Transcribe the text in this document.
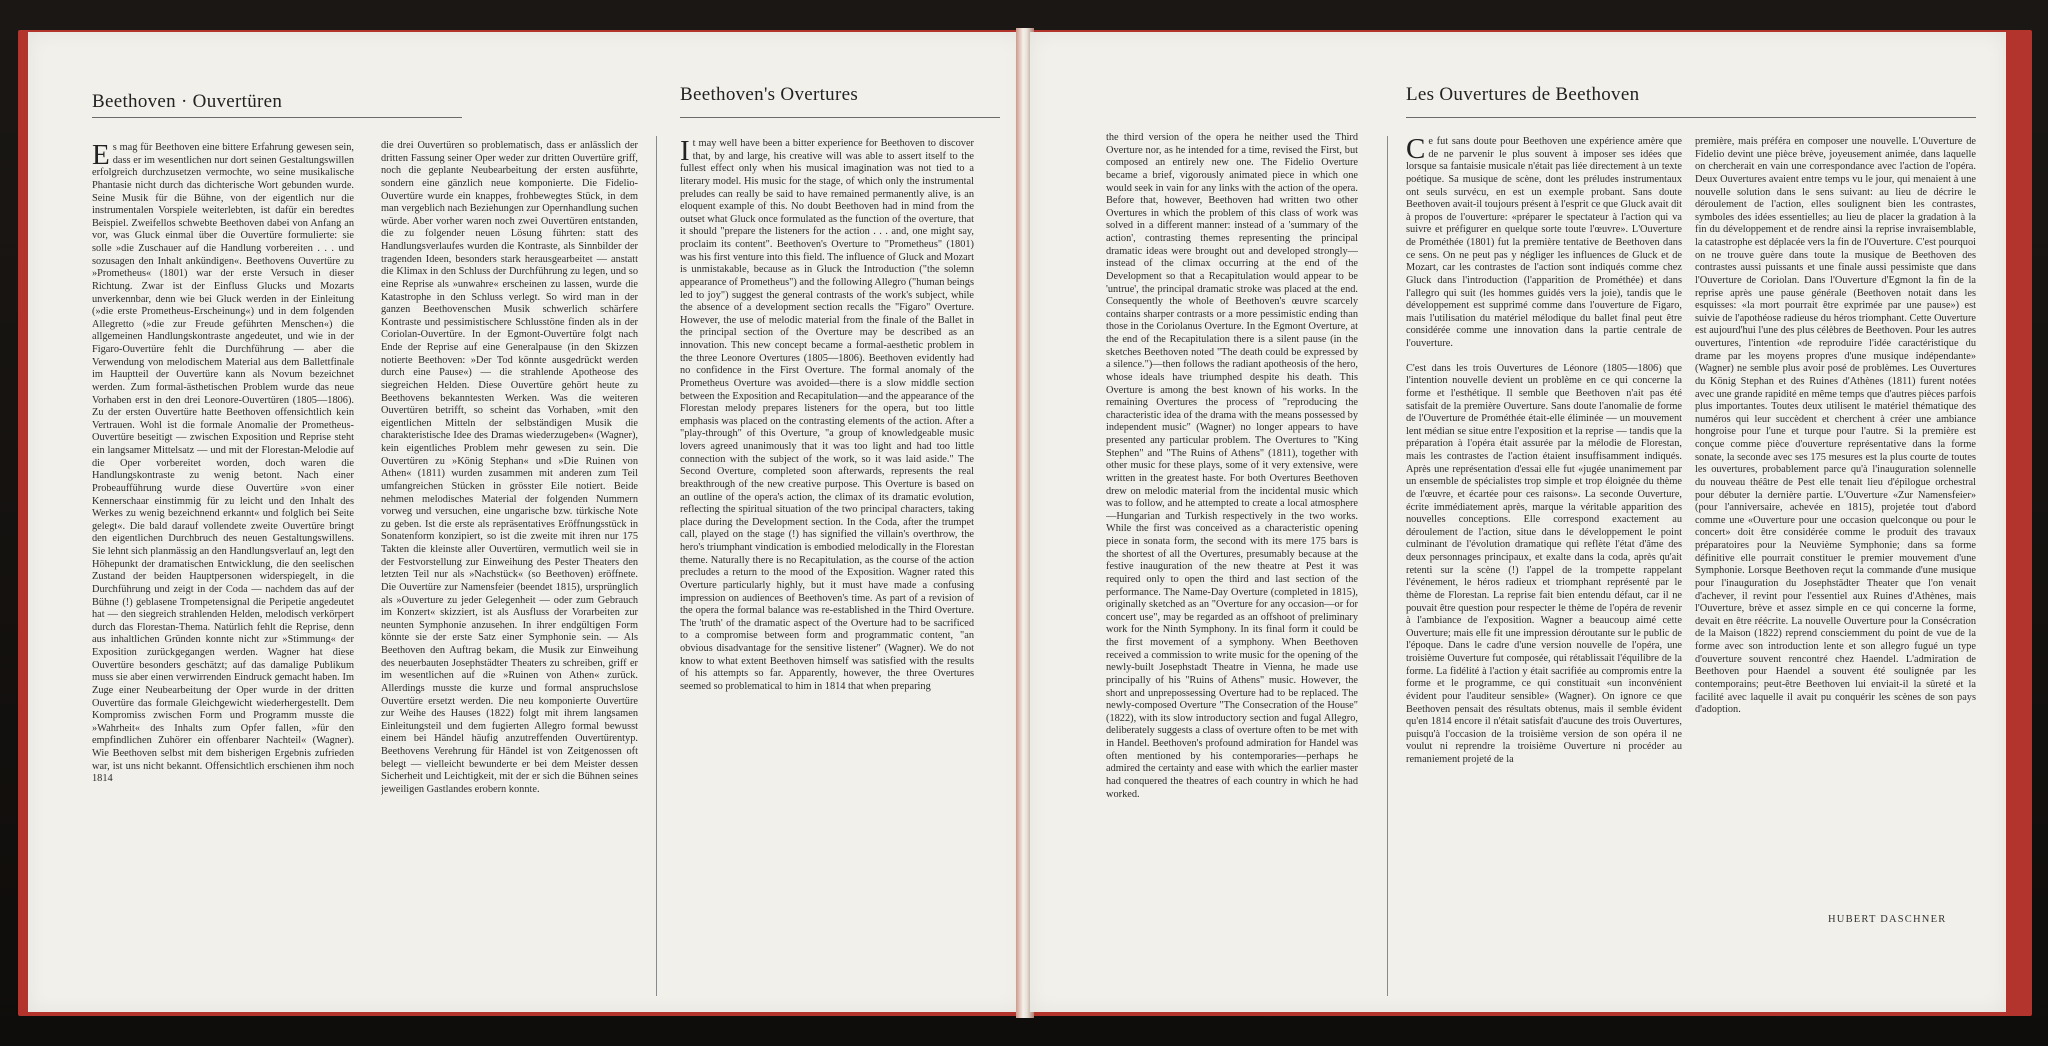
Beethoven · Ouvertüren	Beethoven's Overtures

Es mag für Beethoven eine bittere Erfahrung gewesen sein, dass er im wesentlichen nur dort seinen Gestaltungswillen erfolgreich durchzusetzen vermochte, wo seine musikalische Phantasie nicht durch das dichterische Wort gebunden wurde. Seine Musik für die Bühne, von der eigentlich nur die instrumentalen Vorspiele weiterlebten, ist dafür ein beredtes Beispiel. Zweifellos schwebte Beethoven dabei von Anfang an vor, was Gluck einmal über die Ouvertüre formulierte: sie solle »die Zuschauer auf die Handlung vorbereiten . . . und sozusagen den Inhalt ankündigen«. Beethovens Ouvertüre zu »Prometheus« (1801) war der erste Versuch in dieser Richtung. Zwar ist der Einfluss Glucks und Mozarts unverkennbar, denn wie bei Gluck werden in der Einleitung (»die erste Prometheus-Erscheinung«) und in dem folgenden Allegretto (»die zur Freude geführten Menschen«) die allgemeinen Handlungskontraste angedeutet, und wie in der Figaro-Ouvertüre fehlt die Durchführung — aber die Verwendung von melodischem Material aus dem Ballettfinale im Hauptteil der Ouvertüre kann als Novum bezeichnet werden. Zum formal-ästhetischen Problem wurde das neue Vorhaben erst in den drei Leonore-Ouvertüren (1805—1806). Zu der ersten Ouvertüre hatte Beethoven offensichtlich kein Vertrauen. Wohl ist die formale Anomalie der Prometheus-Ouvertüre beseitigt — zwischen Exposition und Reprise steht ein langsamer Mittelsatz — und mit der Florestan-Melodie auf die Oper vorbereitet worden, doch waren die Handlungskontraste zu wenig betont. Nach einer Probeaufführung wurde diese Ouvertüre »von einer Kennerschaar einstimmig für zu leicht und den Inhalt des Werkes zu wenig bezeichnend erkannt« und folglich bei Seite gelegt«. Die bald darauf vollendete zweite Ouvertüre bringt den eigentlichen Durchbruch des neuen Gestaltungswillens. Sie lehnt sich planmässig an den Handlungsverlauf an, legt den Höhepunkt der dramatischen Entwicklung, die den seelischen Zustand der beiden Hauptpersonen widerspiegelt, in die Durchführung und zeigt in der Coda — nachdem das auf der Bühne (!) geblasene Trompetensignal die Peripetie angedeutet hat — den siegreich strahlenden Helden, melodisch verkörpert durch das Florestan-Thema. Natürlich fehlt die Reprise, denn aus inhaltlichen Gründen konnte nicht zur »Stimmung« der Exposition zurückgegangen werden. Wagner hat diese Ouvertüre besonders geschätzt; auf das damalige Publikum muss sie aber einen verwirrenden Eindruck gemacht haben. Im Zuge einer Neubearbeitung der Oper wurde in der dritten Ouvertüre das formale Gleichgewicht wiederhergestellt. Dem Kompromiss zwischen Form und Programm musste die »Wahrheit« des Inhalts zum Opfer fallen, »für den empfindlichen Zuhörer ein offenbarer Nachteil« (Wagner). Wie Beethoven selbst mit dem bisherigen Ergebnis zufrieden war, ist uns nicht bekannt. Offensichtlich erschienen ihm noch 1814

die drei Ouvertüren so problematisch, dass er anlässlich der dritten Fassung seiner Oper weder zur dritten Ouvertüre griff, noch die geplante Neubearbeitung der ersten ausführte, sondern eine gänzlich neue komponierte. Die Fidelio-Ouvertüre wurde ein knappes, frohbewegtes Stück, in dem man vergeblich nach Beziehungen zur Opernhandlung suchen würde. Aber vorher waren noch zwei Ouvertüren entstanden, die zu folgender neuen Lösung führten: statt des Handlungsverlaufes wurden die Kontraste, als Sinnbilder der tragenden Ideen, besonders stark herausgearbeitet — anstatt die Klimax in den Schluss der Durchführung zu legen, und so eine Reprise als »unwahre« erscheinen zu lassen, wurde die Katastrophe in den Schluss verlegt. So wird man in der ganzen Beethovenschen Musik schwerlich schärfere Kontraste und pessimistischere Schlusstöne finden als in der Coriolan-Ouvertüre. In der Egmont-Ouvertüre folgt nach Ende der Reprise auf eine Generalpause (in den Skizzen notierte Beethoven: »Der Tod könnte ausgedrückt werden durch eine Pause«) — die strahlende Apotheose des siegreichen Helden. Diese Ouvertüre gehört heute zu Beethovens bekanntesten Werken. Was die weiteren Ouvertüren betrifft, so scheint das Vorhaben, »mit den eigentlichen Mitteln der selbständigen Musik die charakteristische Idee des Dramas wiederzugeben« (Wagner), kein eigentliches Problem mehr gewesen zu sein. Die Ouvertüren zu »König Stephan« und »Die Ruinen von Athen« (1811) wurden zusammen mit anderen zum Teil umfangreichen Stücken in grösster Eile notiert. Beide nehmen melodisches Material der folgenden Nummern vorweg und versuchen, eine ungarische bzw. türkische Note zu geben. Ist die erste als repräsentatives Eröffnungsstück in Sonatenform konzipiert, so ist die zweite mit ihren nur 175 Takten die kleinste aller Ouvertüren, vermutlich weil sie in der Festvorstellung zur Einweihung des Pester Theaters den letzten Teil nur als »Nachstück« (so Beethoven) eröffnete. Die Ouvertüre zur Namensfeier (beendet 1815), ursprünglich als »Ouverture zu jeder Gelegenheit — oder zum Gebrauch im Konzert« skizziert, ist als Ausfluss der Vorarbeiten zur neunten Symphonie anzusehen. In ihrer endgültigen Form könnte sie der erste Satz einer Symphonie sein. — Als Beethoven den Auftrag bekam, die Musik zur Einweihung des neuerbauten Josephstädter Theaters zu schreiben, griff er im wesentlichen auf die »Ruinen von Athen« zurück. Allerdings musste die kurze und formal anspruchslose Ouvertüre ersetzt werden. Die neu komponierte Ouvertüre zur Weihe des Hauses (1822) folgt mit ihrem langsamen Einleitungsteil und dem fugierten Allegro formal bewusst einem bei Händel häufig anzutreffenden Ouvertürentyp. Beethovens Verehrung für Händel ist von Zeitgenossen oft belegt — vielleicht bewunderte er bei dem Meister dessen Sicherheit und Leichtigkeit, mit der er sich die Bühnen seines jeweiligen Gastlandes erobern konnte.

It may well have been a bitter experience for Beethoven to discover that, by and large, his creative will was able to assert itself to the fullest effect only when his musical imagination was not tied to a literary model. His music for the stage, of which only the instrumental preludes can really be said to have remained permanently alive, is an eloquent example of this. No doubt Beethoven had in mind from the outset what Gluck once formulated as the function of the overture, that it should "prepare the listeners for the action . . . and, one might say, proclaim its content". Beethoven's Overture to "Prometheus" (1801) was his first venture into this field. The influence of Gluck and Mozart is unmistakable, because as in Gluck the Introduction ("the solemn appearance of Prometheus") and the following Allegro ("human beings led to joy") suggest the general contrasts of the work's subject, while the absence of a development section recalls the "Figaro" Overture. However, the use of melodic material from the finale of the Ballet in the principal section of the Overture may be described as an innovation. This new concept became a formal-aesthetic problem in the three Leonore Overtures (1805—1806). Beethoven evidently had no confidence in the First Overture. The formal anomaly of the Prometheus Overture was avoided—there is a slow middle section between the Exposition and Recapitulation—and the appearance of the Florestan melody prepares listeners for the opera, but too little emphasis was placed on the contrasting elements of the action. After a "play-through" of this Overture, "a group of knowledgeable music lovers agreed unanimously that it was too light and had too little connection with the subject of the work, so it was laid aside." The Second Overture, completed soon afterwards, represents the real breakthrough of the new creative purpose. This Overture is based on an outline of the opera's action, the climax of its dramatic evolution, reflecting the spiritual situation of the two principal characters, taking place during the Development section. In the Coda, after the trumpet call, played on the stage (!) has signified the villain's overthrow, the hero's triumphant vindication is embodied melodically in the Florestan theme. Naturally there is no Recapitulation, as the course of the action precludes a return to the mood of the Exposition. Wagner rated this Overture particularly highly, but it must have made a confusing impression on audiences of Beethoven's time. As part of a revision of the opera the formal balance was re-established in the Third Overture. The 'truth' of the dramatic aspect of the Overture had to be sacrificed to a compromise between form and programmatic content, "an obvious disadvantage for the sensitive listener" (Wagner). We do not know to what extent Beethoven himself was satisfied with the results of his attempts so far. Apparently, however, the three Overtures seemed so problematical to him in 1814 that when preparing

Les Ouvertures de Beethoven

the third version of the opera he neither used the Third Overture nor, as he intended for a time, revised the First, but composed an entirely new one. The Fidelio Overture became a brief, vigorously animated piece in which one would seek in vain for any links with the action of the opera. Before that, however, Beethoven had written two other Overtures in which the problem of this class of work was solved in a different manner: instead of a 'summary of the action', contrasting themes representing the principal dramatic ideas were brought out and developed strongly—instead of the climax occurring at the end of the Development so that a Recapitulation would appear to be 'untrue', the principal dramatic stroke was placed at the end. Consequently the whole of Beethoven's œuvre scarcely contains sharper contrasts or a more pessimistic ending than those in the Coriolanus Overture. In the Egmont Overture, at the end of the Recapitulation there is a silent pause (in the sketches Beethoven noted "The death could be expressed by a silence.")—then follows the radiant apotheosis of the hero, whose ideals have triumphed despite his death. This Overture is among the best known of his works. In the remaining Overtures the process of "reproducing the characteristic idea of the drama with the means possessed by independent music" (Wagner) no longer appears to have presented any particular problem. The Overtures to "King Stephen" and "The Ruins of Athens" (1811), together with other music for these plays, some of it very extensive, were written in the greatest haste. For both Overtures Beethoven drew on melodic material from the incidental music which was to follow, and he attempted to create a local atmosphere—Hungarian and Turkish respectively in the two works. While the first was conceived as a characteristic opening piece in sonata form, the second with its mere 175 bars is the shortest of all the Overtures, presumably because at the festive inauguration of the new theatre at Pest it was required only to open the third and last section of the performance. The Name-Day Overture (completed in 1815), originally sketched as an "Overture for any occasion—or for concert use", may be regarded as an offshoot of preliminary work for the Ninth Symphony. In its final form it could be the first movement of a symphony. When Beethoven received a commission to write music for the opening of the newly-built Josephstadt Theatre in Vienna, he made use principally of his "Ruins of Athens" music. However, the short and unprepossessing Overture had to be replaced. The newly-composed Overture "The Consecration of the House" (1822), with its slow introductory section and fugal Allegro, deliberately suggests a class of overture often to be met with in Handel. Beethoven's profound admiration for Handel was often mentioned by his contemporaries—perhaps he admired the certainty and ease with which the earlier master had conquered the theatres of each country in which he had worked.

Ce fut sans doute pour Beethoven une expérience amère que de ne parvenir le plus souvent à imposer ses idées que lorsque sa fantaisie musicale n'était pas liée directement à un texte poétique. Sa musique de scène, dont les préludes instrumentaux ont seuls survécu, en est un exemple probant. Sans doute Beethoven avait-il toujours présent à l'esprit ce que Gluck avait dit à propos de l'ouverture: «préparer le spectateur à l'action qui va suivre et préfigurer en quelque sorte toute l'œuvre». L'Ouverture de Prométhée (1801) fut la première tentative de Beethoven dans ce sens. On ne peut pas y négliger les influences de Gluck et de Mozart, car les contrastes de l'action sont indiqués comme chez Gluck dans l'introduction (l'apparition de Prométhée) et dans l'allegro qui suit (les hommes guidés vers la joie), tandis que le développement est supprimé comme dans l'ouverture de Figaro, mais l'utilisation du matériel mélodique du ballet final peut être considérée comme une innovation dans la partie centrale de l'ouverture.

C'est dans les trois Ouvertures de Léonore (1805—1806) que l'intention nouvelle devient un problème en ce qui concerne la forme et l'esthétique. Il semble que Beethoven n'ait pas été satisfait de la première Ouverture. Sans doute l'anomalie de forme de l'Ouverture de Prométhée était-elle éliminée — un mouvement lent médian se situe entre l'exposition et la reprise — tandis que la préparation à l'opéra était assurée par la mélodie de Florestan, mais les contrastes de l'action étaient insuffisamment indiqués. Après une représentation d'essai elle fut «jugée unanimement par un ensemble de spécialistes trop simple et trop éloignée du thème de l'œuvre, et écartée pour ces raisons». La seconde Ouverture, écrite immédiatement après, marque la véritable apparition des nouvelles conceptions. Elle correspond exactement au déroulement de l'action, situe dans le développement le point culminant de l'évolution dramatique qui reflète l'état d'âme des deux personnages principaux, et exalte dans la coda, après qu'ait retenti sur la scène (!) l'appel de la trompette rappelant l'événement, le héros radieux et triomphant représenté par le thème de Florestan. La reprise fait bien entendu défaut, car il ne pouvait être question pour respecter le thème de l'opéra de revenir à l'ambiance de l'exposition. Wagner a beaucoup aimé cette Ouverture; mais elle fit une impression déroutante sur le public de l'époque. Dans le cadre d'une version nouvelle de l'opéra, une troisième Ouverture fut composée, qui rétablissait l'équilibre de la forme. La fidélité à l'action y était sacrifiée au compromis entre la forme et le programme, ce qui constituait «un inconvénient évident pour l'auditeur sensible» (Wagner). On ignore ce que Beethoven pensait des résultats obtenus, mais il semble évident qu'en 1814 encore il n'était satisfait d'aucune des trois Ouvertures, puisqu'à l'occasion de la troisième version de son opéra il ne voulut ni reprendre la troisième Ouverture ni procéder au remaniement projeté de la

première, mais préféra en composer une nouvelle. L'Ouverture de Fidelio devint une pièce brève, joyeusement animée, dans laquelle on chercherait en vain une correspondance avec l'action de l'opéra. Deux Ouvertures avaient entre temps vu le jour, qui menaient à une nouvelle solution dans le sens suivant: au lieu de décrire le déroulement de l'action, elles soulignent bien les contrastes, symboles des idées essentielles; au lieu de placer la gradation à la fin du développement et de rendre ainsi la reprise invraisemblable, la catastrophe est déplacée vers la fin de l'Ouverture. C'est pourquoi on ne trouve guère dans toute la musique de Beethoven des contrastes aussi puissants et une finale aussi pessimiste que dans l'Ouverture de Coriolan. Dans l'Ouverture d'Egmont la fin de la reprise après une pause générale (Beethoven notait dans les esquisses: «la mort pourrait être exprimée par une pause») est suivie de l'apothéose radieuse du héros triomphant. Cette Ouverture est aujourd'hui l'une des plus célèbres de Beethoven. Pour les autres ouvertures, l'intention «de reproduire l'idée caractéristique du drame par les moyens propres d'une musique indépendante» (Wagner) ne semble plus avoir posé de problèmes. Les Ouvertures du König Stephan et des Ruines d'Athènes (1811) furent notées avec une grande rapidité en même temps que d'autres pièces parfois plus importantes. Toutes deux utilisent le matériel thématique des numéros qui leur succèdent et cherchent à créer une ambiance hongroise pour l'une et turque pour l'autre. Si la première est conçue comme pièce d'ouverture représentative dans la forme sonate, la seconde avec ses 175 mesures est la plus courte de toutes les ouvertures, probablement parce qu'à l'inauguration solennelle du nouveau théâtre de Pest elle tenait lieu d'épilogue orchestral pour débuter la dernière partie. L'Ouverture «Zur Namensfeier» (pour l'anniversaire, achevée en 1815), projetée tout d'abord comme une «Ouverture pour une occasion quelconque ou pour le concert» doit être considérée comme le produit des travaux préparatoires pour la Neuvième Symphonie; dans sa forme définitive elle pourrait constituer le premier mouvement d'une Symphonie. Lorsque Beethoven reçut la commande d'une musique pour l'inauguration du Josephstädter Theater que l'on venait d'achever, il revint pour l'essentiel aux Ruines d'Athènes, mais l'Ouverture, brève et assez simple en ce qui concerne la forme, devait en être réécrite. La nouvelle Ouverture pour la Consécration de la Maison (1822) reprend consciemment du point de vue de la forme avec son introduction lente et son allegro fugué un type d'ouverture souvent rencontré chez Haendel. L'admiration de Beethoven pour Haendel a souvent été soulignée par les contemporains; peut-être Beethoven lui enviait-il la sûreté et la facilité avec laquelle il avait pu conquérir les scènes de son pays d'adoption.

HUBERT DASCHNER
